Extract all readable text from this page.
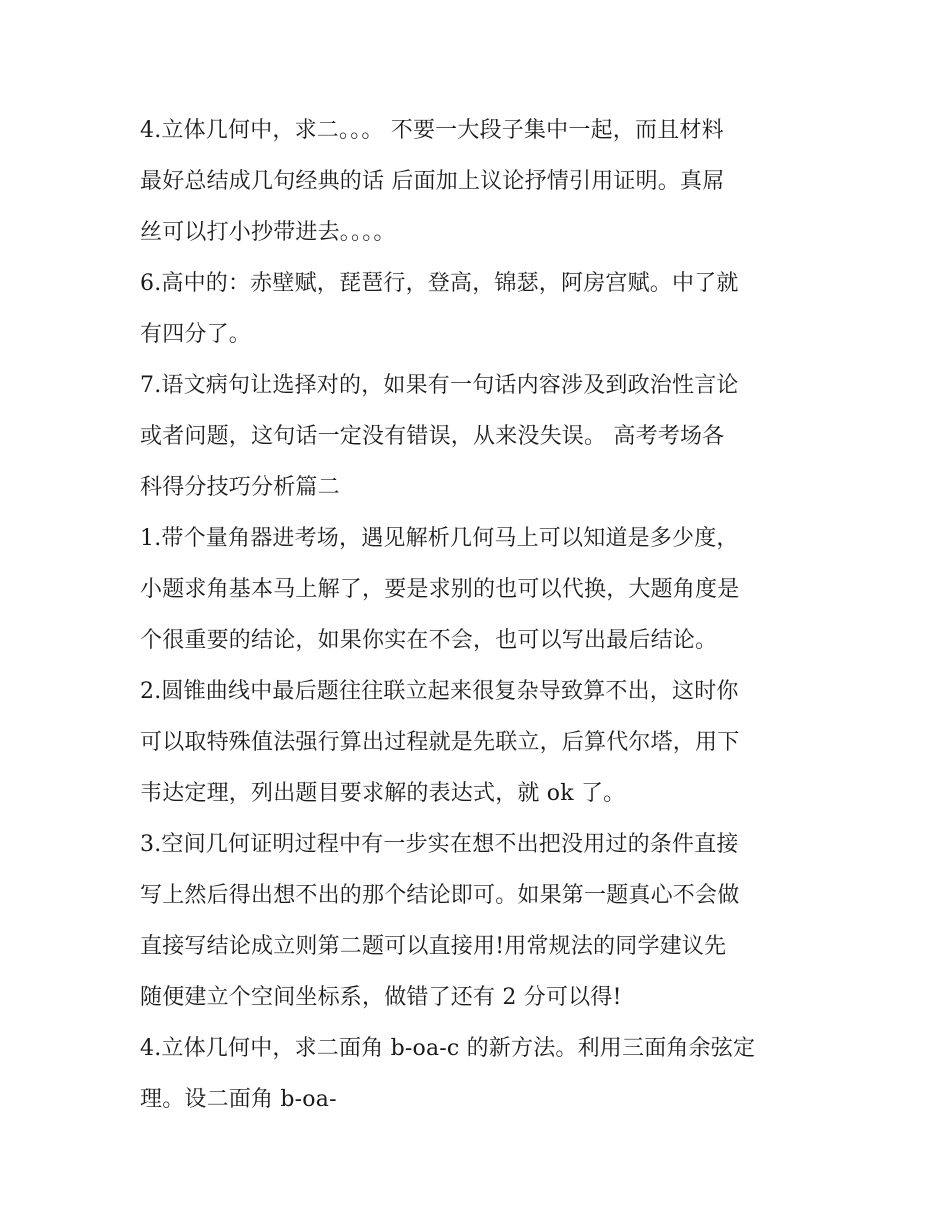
4.立体几何中，求二。。。 不要一大段子集中一起，而且材料
最好总结成几句经典的话 后面加上议论抒情引用证明。真屌
丝可以打小抄带进去。。。。
6.高中的：赤壁赋，琵琶行，登高，锦瑟，阿房宫赋。中了就
有四分了。
7.语文病句让选择对的，如果有一句话内容涉及到政治性言论
或者问题，这句话一定没有错误，从来没失误。 高考考场各
科得分技巧分析篇二
1.带个量角器进考场，遇见解析几何马上可以知道是多少度，
小题求角基本马上解了，要是求别的也可以代换，大题角度是
个很重要的结论，如果你实在不会，也可以写出最后结论。
2.圆锥曲线中最后题往往联立起来很复杂导致算不出，这时你
可以取特殊值法强行算出过程就是先联立，后算代尔塔，用下
韦达定理，列出题目要求解的表达式，就 ok 了。
3.空间几何证明过程中有一步实在想不出把没用过的条件直接
写上然后得出想不出的那个结论即可。如果第一题真心不会做
直接写结论成立则第二题可以直接用!用常规法的同学建议先
随便建立个空间坐标系，做错了还有 2 分可以得!
4.立体几何中，求二面角 b-oa-c 的新方法。利用三面角余弦定
理。设二面角 b-oa-
